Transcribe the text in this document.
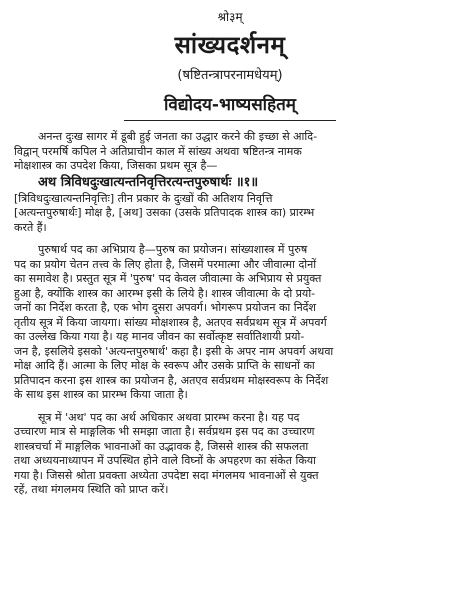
श्रो३म्
सांख्यदर्शनम्
(षष्टितन्त्रापरनामधेयम्)
विद्योदय-भाष्यसहितम्
अनन्त दुःख सागर में डूबी हुई जनता का उद्धार करने की इच्छा से आदि-
विद्वान् परमर्षि कपिल ने अतिप्राचीन काल में सांख्य अथवा षष्टितन्त्र नामक
मोक्षशास्त्र का उपदेश किया, जिसका प्रथम सूत्र है—
अथ त्रिविधदुःखात्यन्तनिवृत्तिरत्यन्तपुरुषार्थः ॥१॥
[त्रिविधदुःखात्यन्तनिवृत्तिः] तीन प्रकार के दुःखों की अतिशय निवृत्ति
[अत्यन्तपुरुषार्थः] मोक्ष है, [अथ] उसका (उसके प्रतिपादक शास्त्र का) प्रारम्भ
करते हैं।
पुरुषार्थ पद का अभिप्राय है—पुरुष का प्रयोजन। सांख्यशास्त्र में पुरुष
पद का प्रयोग चेतन तत्त्व के लिए होता है, जिसमें परमात्मा और जीवात्मा दोनों
का समावेश है। प्रस्तुत सूत्र में 'पुरुष' पद केवल जीवात्मा के अभिप्राय से प्रयुक्त
हुआ है, क्योंकि शास्त्र का आरम्भ इसी के लिये है। शास्त्र जीवात्मा के दो प्रयो-
जनों का निर्देश करता है, एक भोग दूसरा अपवर्ग। भोगरूप प्रयोजन का निर्देश
तृतीय सूत्र में किया जायगा। सांख्य मोक्षशास्त्र है, अतएव सर्वप्रथम सूत्र में अपवर्ग
का उल्लेख किया गया है। यह मानव जीवन का सर्वोत्कृष्ट सर्वातिशायी प्रयो-
जन है, इसलिये इसको 'अत्यन्तपुरुषार्थ' कहा है। इसी के अपर नाम अपवर्ग अथवा
मोक्ष आदि हैं। आत्मा के लिए मोक्ष के स्वरूप और उसके प्राप्ति के साधनों का
प्रतिपादन करना इस शास्त्र का प्रयोजन है, अतएव सर्वप्रथम मोक्षस्वरूप के निर्देश
के साथ इस शास्त्र का प्रारम्भ किया जाता है।
सूत्र में 'अथ' पद का अर्थ अधिकार अथवा प्रारम्भ करना है। यह पद
उच्चारण मात्र से माङ्गलिक भी समझा जाता है। सर्वप्रथम इस पद का उच्चारण
शास्त्रचर्चा में माङ्गलिक भावनाओं का उद्भावक है, जिससे शास्त्र की सफलता
तथा अध्ययनाध्यापन में उपस्थित होने वाले विघ्नों के अपहरण का संकेत किया
गया है। जिससे श्रोता प्रवक्ता अध्येता उपदेष्टा सदा मंगलमय भावनाओं से युक्त
रहें, तथा मंगलमय स्थिति को प्राप्त करें।
